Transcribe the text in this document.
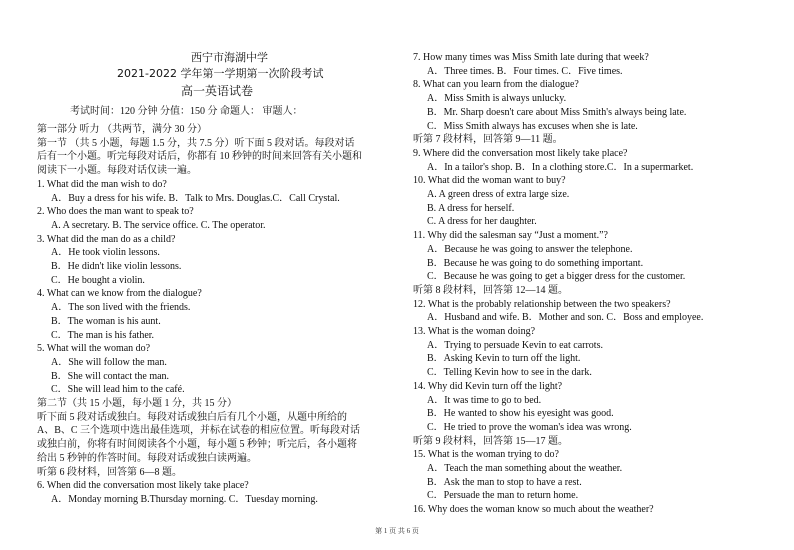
西宁市海湖中学
2021-2022 学年第一学期第一次阶段考试
高一英语试卷
考试时间：120 分钟 分值：150 分 命题人： 审题人：
第 1 页 共 6 页
第一部分 听力 （共两节，满分 30 分）
第一节 （共 5 小题，每题 1.5 分，共 7.5 分）听下面 5 段对话。每段对话
后有一个小题。听完每段对话后，你都有 10 秒钟的时间来回答有关小题和
阅读下一小题。每段对话仅读一遍。
1. What did the man wish to do?
A．Buy a dress for his wife. B．Talk to Mrs. Douglas.C．Call Crystal.
2. Who does the man want to speak to?
A. A secretary. B. The service office. C. The operator.
3. What did the man do as a child?
A．He took violin lessons.
B．He didn't like violin lessons.
C．He bought a violin.
4. What can we know from the dialogue?
A．The son lived with the friends.
B．The woman is his aunt.
C．The man is his father.
5. What will the woman do?
A．She will follow the man.
B．She will contact the man.
C．She will lead him to the café.
第二节（共 15 小题，每小题 1 分，共 15 分）
听下面 5 段对话或独白。每段对话或独白后有几个小题，从题中所给的
A、B、C 三个选项中选出最佳选项，并标在试卷的相应位置。听每段对话
或独白前，你将有时间阅读各个小题，每小题 5 秒钟；听完后，各小题将
给出 5 秒钟的作答时间。每段对话或独白读两遍。
听第 6 段材料，回答第 6—8 题。
6. When did the conversation most likely take place?
A．Monday morning B.Thursday morning. C．Tuesday morning.
7. How many times was Miss Smith late during that week?
A．Three times. B．Four times. C．Five times.
8. What can you learn from the dialogue?
A．Miss Smith is always unlucky.
B．Mr. Sharp doesn't care about Miss Smith's always being late.
C．Miss Smith always has excuses when she is late.
听第 7 段材料，回答第 9—11 题。
9. Where did the conversation most likely take place?
A．In a tailor's shop. B．In a clothing store.C．In a supermarket.
10. What did the woman want to buy?
A. A green dress of extra large size.
B. A dress for herself.
C. A dress for her daughter.
11. Why did the salesman say “Just a moment.”?
A．Because he was going to answer the telephone.
B．Because he was going to do something important.
C．Because he was going to get a bigger dress for the customer.
听第 8 段材料，回答第 12—14 题。
12. What is the probably relationship between the two speakers?
A．Husband and wife. B．Mother and son. C．Boss and employee.
13. What is the woman doing?
A．Trying to persuade Kevin to eat carrots.
B．Asking Kevin to turn off the light.
C．Telling Kevin how to see in the dark.
14. Why did Kevin turn off the light?
A．It was time to go to bed.
B．He wanted to show his eyesight was good.
C．He tried to prove the woman's idea was wrong.
听第 9 段材料，回答第 15—17 题。
15. What is the woman trying to do?
A．Teach the man something about the weather.
B．Ask the man to stop to have a rest.
C．Persuade the man to return home.
16. Why does the woman know so much about the weather?
